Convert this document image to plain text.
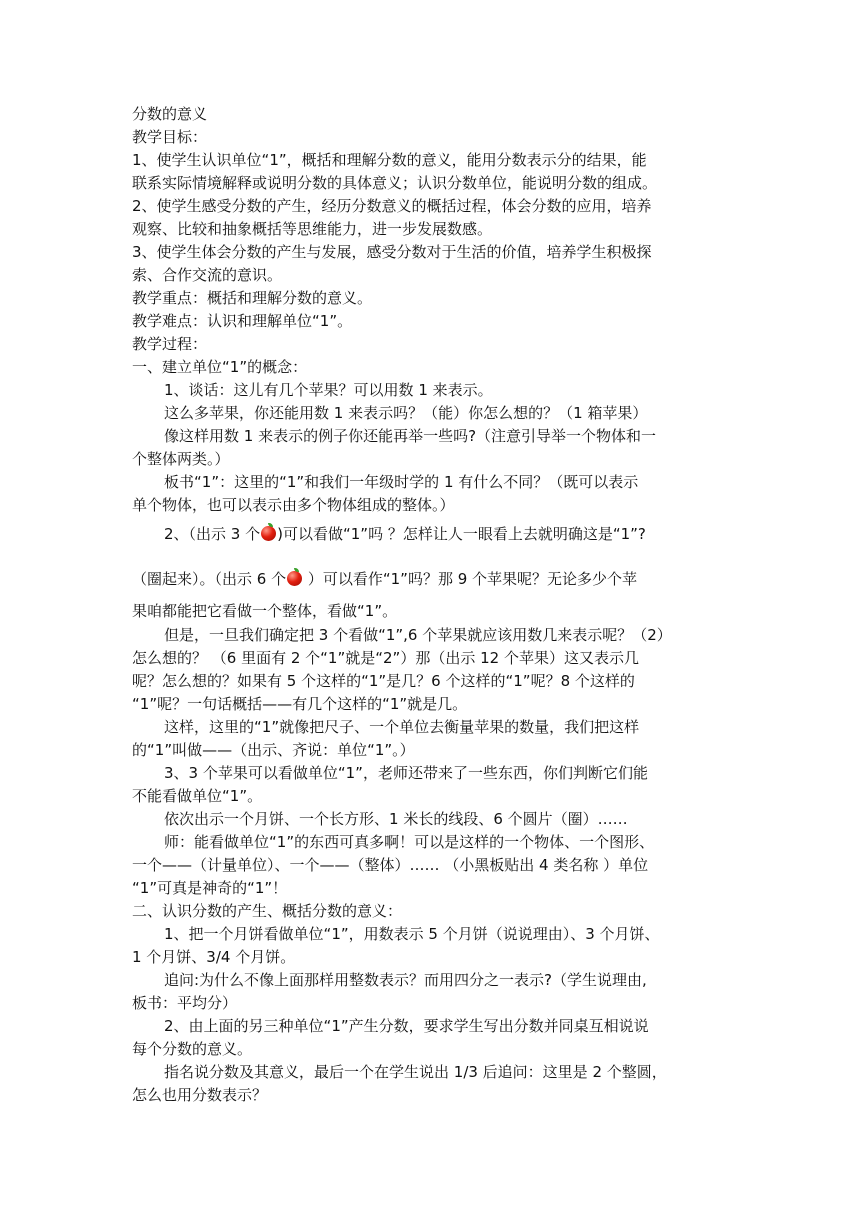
分数的意义
教学目标：
1、使学生认识单位“1”，概括和理解分数的意义，能用分数表示分的结果，能
联系实际情境解释或说明分数的具体意义；认识分数单位，能说明分数的组成。
2、使学生感受分数的产生，经历分数意义的概括过程，体会分数的应用，培养
观察、比较和抽象概括等思维能力，进一步发展数感。
3、使学生体会分数的产生与发展，感受分数对于生活的价值，培养学生积极探
索、合作交流的意识。
教学重点：概括和理解分数的意义。
教学难点：认识和理解单位“1”。
教学过程：
一、建立单位“1”的概念：
1、谈话：这儿有几个苹果？可以用数 1 来表示。
这么多苹果，你还能用数 1 来表示吗？（能）你怎么想的？（1 箱苹果）
像这样用数 1 来表示的例子你还能再举一些吗?（注意引导举一个物体和一
个整体两类。）
板书“1”：这里的“1”和我们一年级时学的 1 有什么不同？（既可以表示
单个物体，也可以表示由多个物体组成的整体。）
2、（出示 3 个 )可以看做“1”吗 ？怎样让人一眼看上去就明确这是“1”?
（圈起来）。（出示 6 个 ）可以看作“1”吗？那 9 个苹果呢？无论多少个苹
果咱都能把它看做一个整体，看做“1”。
但是，一旦我们确定把 3 个看做“1”,6 个苹果就应该用数几来表示呢？（2）
怎么想的？ （6 里面有 2 个“1”就是“2”）那（出示 12 个苹果）这又表示几
呢？怎么想的？如果有 5 个这样的“1”是几？6 个这样的“1”呢？8 个这样的
“1”呢？一句话概括——有几个这样的“1”就是几。
这样，这里的“1”就像把尺子、一个单位去衡量苹果的数量，我们把这样
的“1”叫做——（出示、齐说：单位“1”。）
3、3 个苹果可以看做单位“1”，老师还带来了一些东西，你们判断它们能
不能看做单位“1”。
依次出示一个月饼、一个长方形、1 米长的线段、6 个圆片（圈）……
师：能看做单位“1”的东西可真多啊！可以是这样的一个物体、一个图形、
一个——（计量单位）、一个——（整体）…… （小黑板贴出 4 类名称 ）单位
“1”可真是神奇的“1”！
二、认识分数的产生、概括分数的意义：
1、把一个月饼看做单位“1”，用数表示 5 个月饼（说说理由）、3 个月饼、
1 个月饼、3/4 个月饼。
追问:为什么不像上面那样用整数表示？而用四分之一表示?（学生说理由,
板书：平均分）
2、由上面的另三种单位“1”产生分数，要求学生写出分数并同桌互相说说
每个分数的意义。
指名说分数及其意义，最后一个在学生说出 1/3 后追问：这里是 2 个整圆，
怎么也用分数表示？
